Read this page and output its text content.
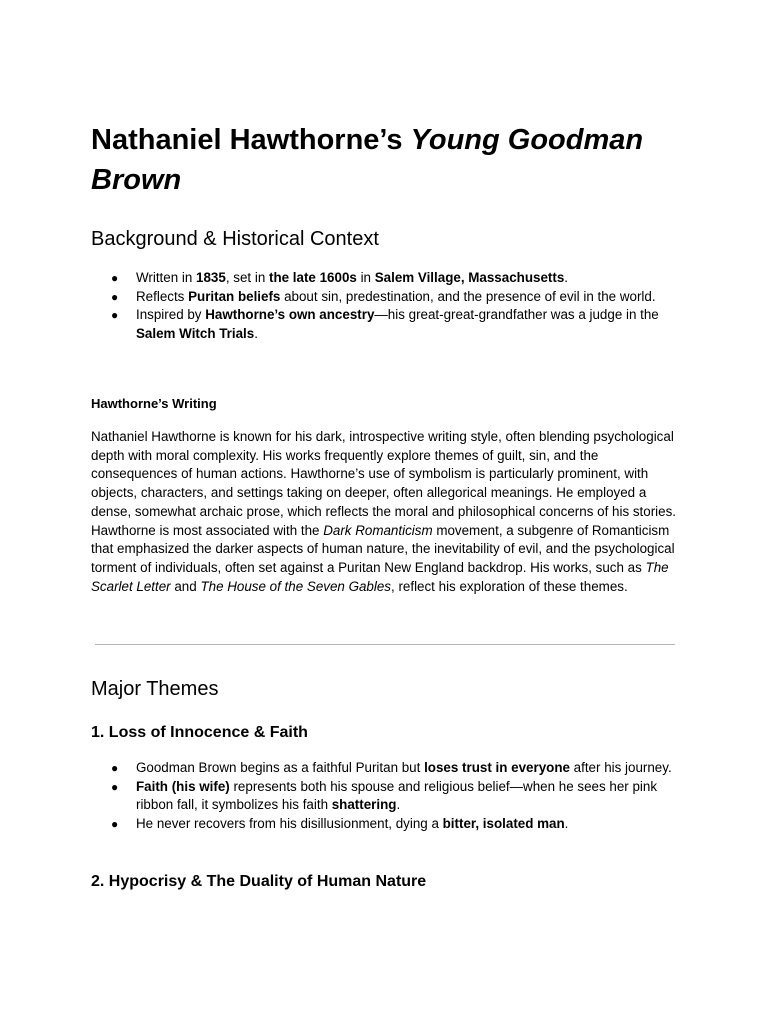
Nathaniel Hawthorne’s Young Goodman Brown
Background & Historical Context
● Written in 1835, set in the late 1600s in Salem Village, Massachusetts.
● Reflects Puritan beliefs about sin, predestination, and the presence of evil in the world.
● Inspired by Hawthorne’s own ancestry—his great-great-grandfather was a judge in the Salem Witch Trials.
Hawthorne’s Writing

Nathaniel Hawthorne is known for his dark, introspective writing style, often blending psychological depth with moral complexity. His works frequently explore themes of guilt, sin, and the consequences of human actions. Hawthorne’s use of symbolism is particularly prominent, with objects, characters, and settings taking on deeper, often allegorical meanings. He employed a dense, somewhat archaic prose, which reflects the moral and philosophical concerns of his stories. Hawthorne is most associated with the Dark Romanticism movement, a subgenre of Romanticism that emphasized the darker aspects of human nature, the inevitability of evil, and the psychological torment of individuals, often set against a Puritan New England backdrop. His works, such as The Scarlet Letter and The House of the Seven Gables, reflect his exploration of these themes.

Major Themes
1. Loss of Innocence & Faith
● Goodman Brown begins as a faithful Puritan but loses trust in everyone after his journey.
● Faith (his wife) represents both his spouse and religious belief—when he sees her pink ribbon fall, it symbolizes his faith shattering.
● He never recovers from his disillusionment, dying a bitter, isolated man.
2. Hypocrisy & The Duality of Human Nature
